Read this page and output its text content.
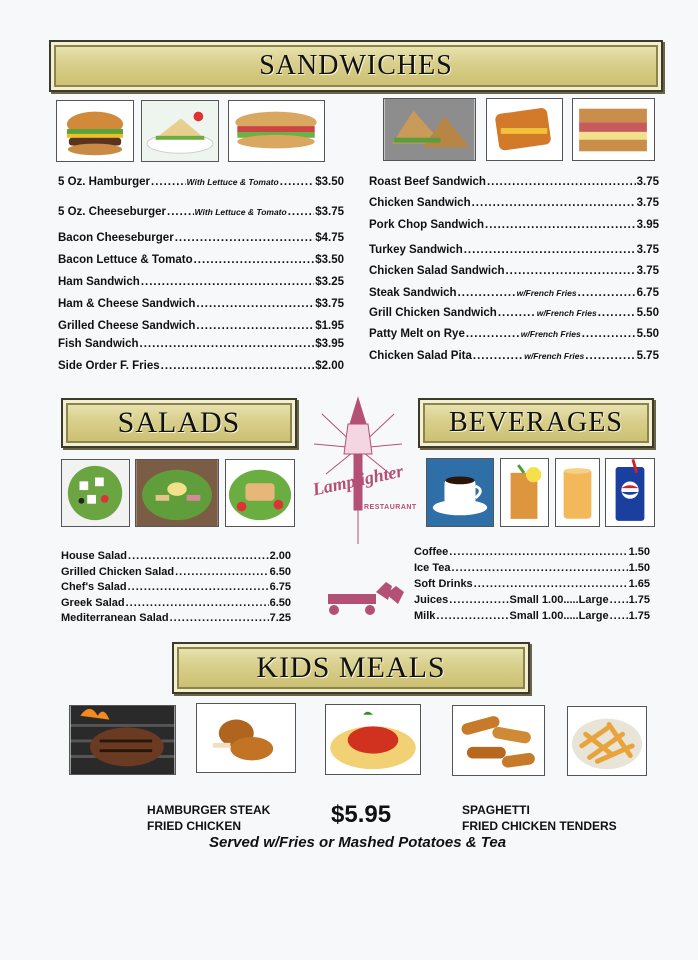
SANDWICHES
5 Oz. Hamburger .....	With Lettuce & Tomato .....	$3.50
5 Oz. Cheeseburger .....	With Lettuce & Tomato ..... $3.75
Bacon Cheeseburger .....	$4.75
Bacon Lettuce & Tomato .....	$3.50
Ham Sandwich .....	$3.25
Ham & Cheese Sandwich .....	$3.75
Grilled Cheese Sandwich .....	$1.95
Fish Sandwich .....	$3.95
Side Order F. Fries .....	$2.00
Roast Beef Sandwich .....	3.75
Chicken Sandwich .....	3.75
Pork Chop Sandwich .....	3.95
Turkey Sandwich .....	3.75
Chicken Salad Sandwich .....	3.75
Steak Sandwich .....	w/French Fries .....	6.75
Grill Chicken Sandwich .....	w/French Fries .....	5.50
Patty Melt on Rye .....	w/French Fries .....	5.50
Chicken Salad Pita .....	w/French Fries .....	5.75
SALADS	BEVERAGES
Lamplighter
RESTAURANT
House Salad .....	2.00
Grilled Chicken Salad .....	6.50
Chef's Salad .....	6.75
Greek Salad .....	6.50
Mediterranean Salad .....	7.25
Coffee .....	1.50
Ice Tea .....	1.50
Soft Drinks .....	1.65
Juices .....	Small 1.00.....Large ..... 1.75
Milk .....	Small 1.00.....Large ..... 1.75
KIDS MEALS
HAMBURGER STEAK
FRIED CHICKEN	$5.95	SPAGHETTI
FRIED CHICKEN TENDERS
Served w/Fries or Mashed Potatoes & Tea
